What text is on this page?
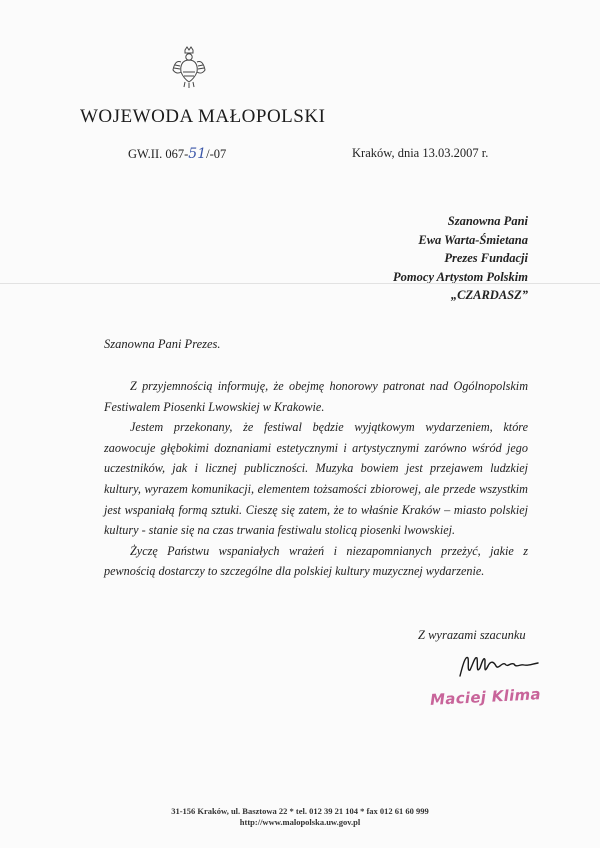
WOJEWODA MAŁOPOLSKI
GW.II. 067-51/-07	Kraków, dnia 13.03.2007 r.
Szanowna Pani
Ewa Warta-Śmietana
Prezes Fundacji
Pomocy Artystom Polskim
„CZARDASZ”
Szanowna Pani Prezes.

Z przyjemnością informuję, że obejmę honorowy patronat nad Ogólnopolskim Festiwalem Piosenki Lwowskiej w Krakowie.

Jestem przekonany, że festiwal będzie wyjątkowym wydarzeniem, które zaowocuje głębokimi doznaniami estetycznymi i artystycznymi zarówno wśród jego uczestników, jak i licznej publiczności. Muzyka bowiem jest przejawem ludzkiej kultury, wyrazem komunikacji, elementem tożsamości zbiorowej, ale przede wszystkim jest wspaniałą formą sztuki. Cieszę się zatem, że to właśnie Kraków – miasto polskiej kultury - stanie się na czas trwania festiwalu stolicą piosenki lwowskiej.

Życzę Państwu wspaniałych wrażeń i niezapomnianych przeżyć, jakie z pewnością dostarczy to szczególne dla polskiej kultury muzycznej wydarzenie.

Z wyrazami szacunku
Maciej Klima
31-156 Kraków, ul. Basztowa 22 * tel. 012 39 21 104 * fax 012 61 60 999
http://www.malopolska.uw.gov.pl
